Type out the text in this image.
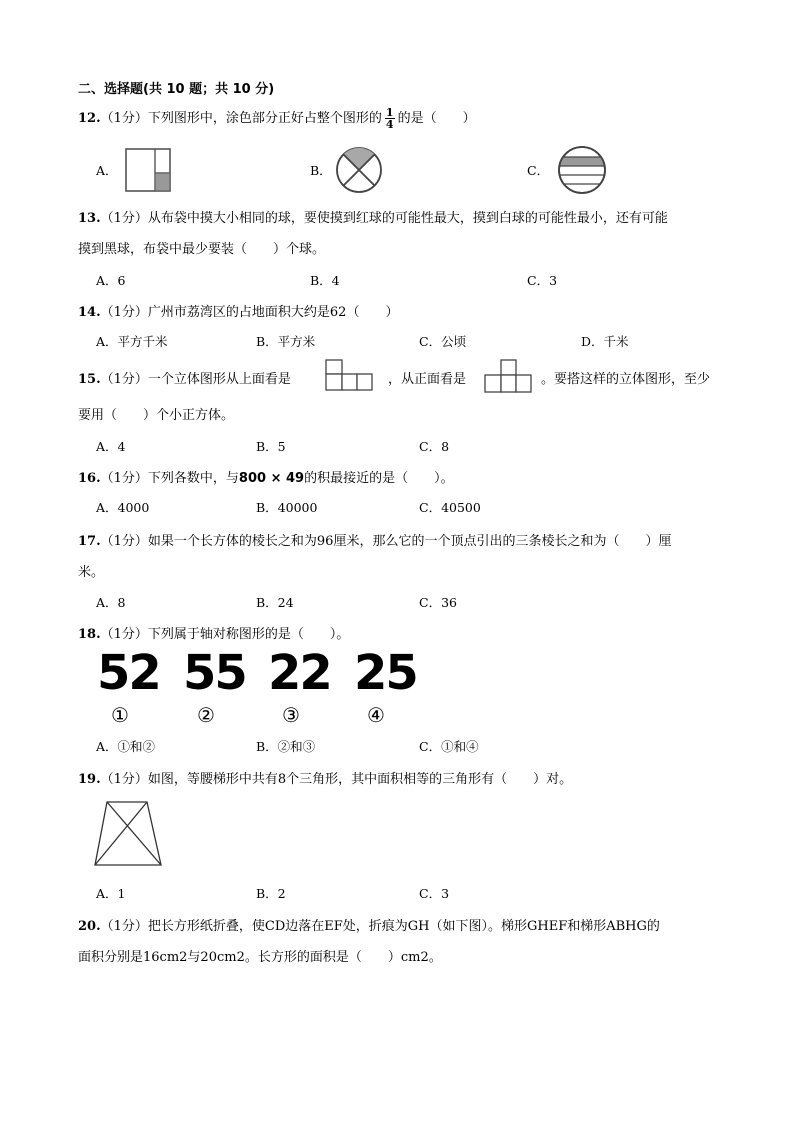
二、选择题(共 10 题；共 10 分)
12.（1分）下列图形中，涂色部分正好占整个图形的 $\frac{1}{4}$ 的是（　　）
A．	B．	C．
13.（1分）从布袋中摸大小相同的球，要使摸到红球的可能性最大，摸到白球的可能性最小，还有可能
摸到黑球，布袋中最少要装（　　）个球。
A．6	B．4	C．3
14.（1分）广州市荔湾区的占地面积大约是62（　　）
A．平方千米	B．平方米	C．公顷	D．千米
15.（1分）一个立体图形从上面看是	，从正面看是	。要搭这样的立体图形，至少
要用（　　）个小正方体。
A．4	B．5	C．8
16.（1分）下列各数中，与800 × 49的积最接近的是（　　）。
A．4000	B．40000	C．40500
17.（1分）如果一个长方体的棱长之和为96厘米，那么它的一个顶点引出的三条棱长之和为（　　）厘
米。
A．8	B．24	C．36
18.（1分）下列属于轴对称图形的是（　　）。
52 55 22 25
①	②	③	④
A．①和②	B．②和③	C．①和④
19.（1分）如图，等腰梯形中共有8个三角形，其中面积相等的三角形有（　　）对。
A．1	B．2	C．3
20.（1分）把长方形纸折叠，使CD边落在EF处，折痕为GH（如下图）。梯形GHEF和梯形ABHG的
面积分别是16cm2与20cm2。长方形的面积是（　　）cm2。
